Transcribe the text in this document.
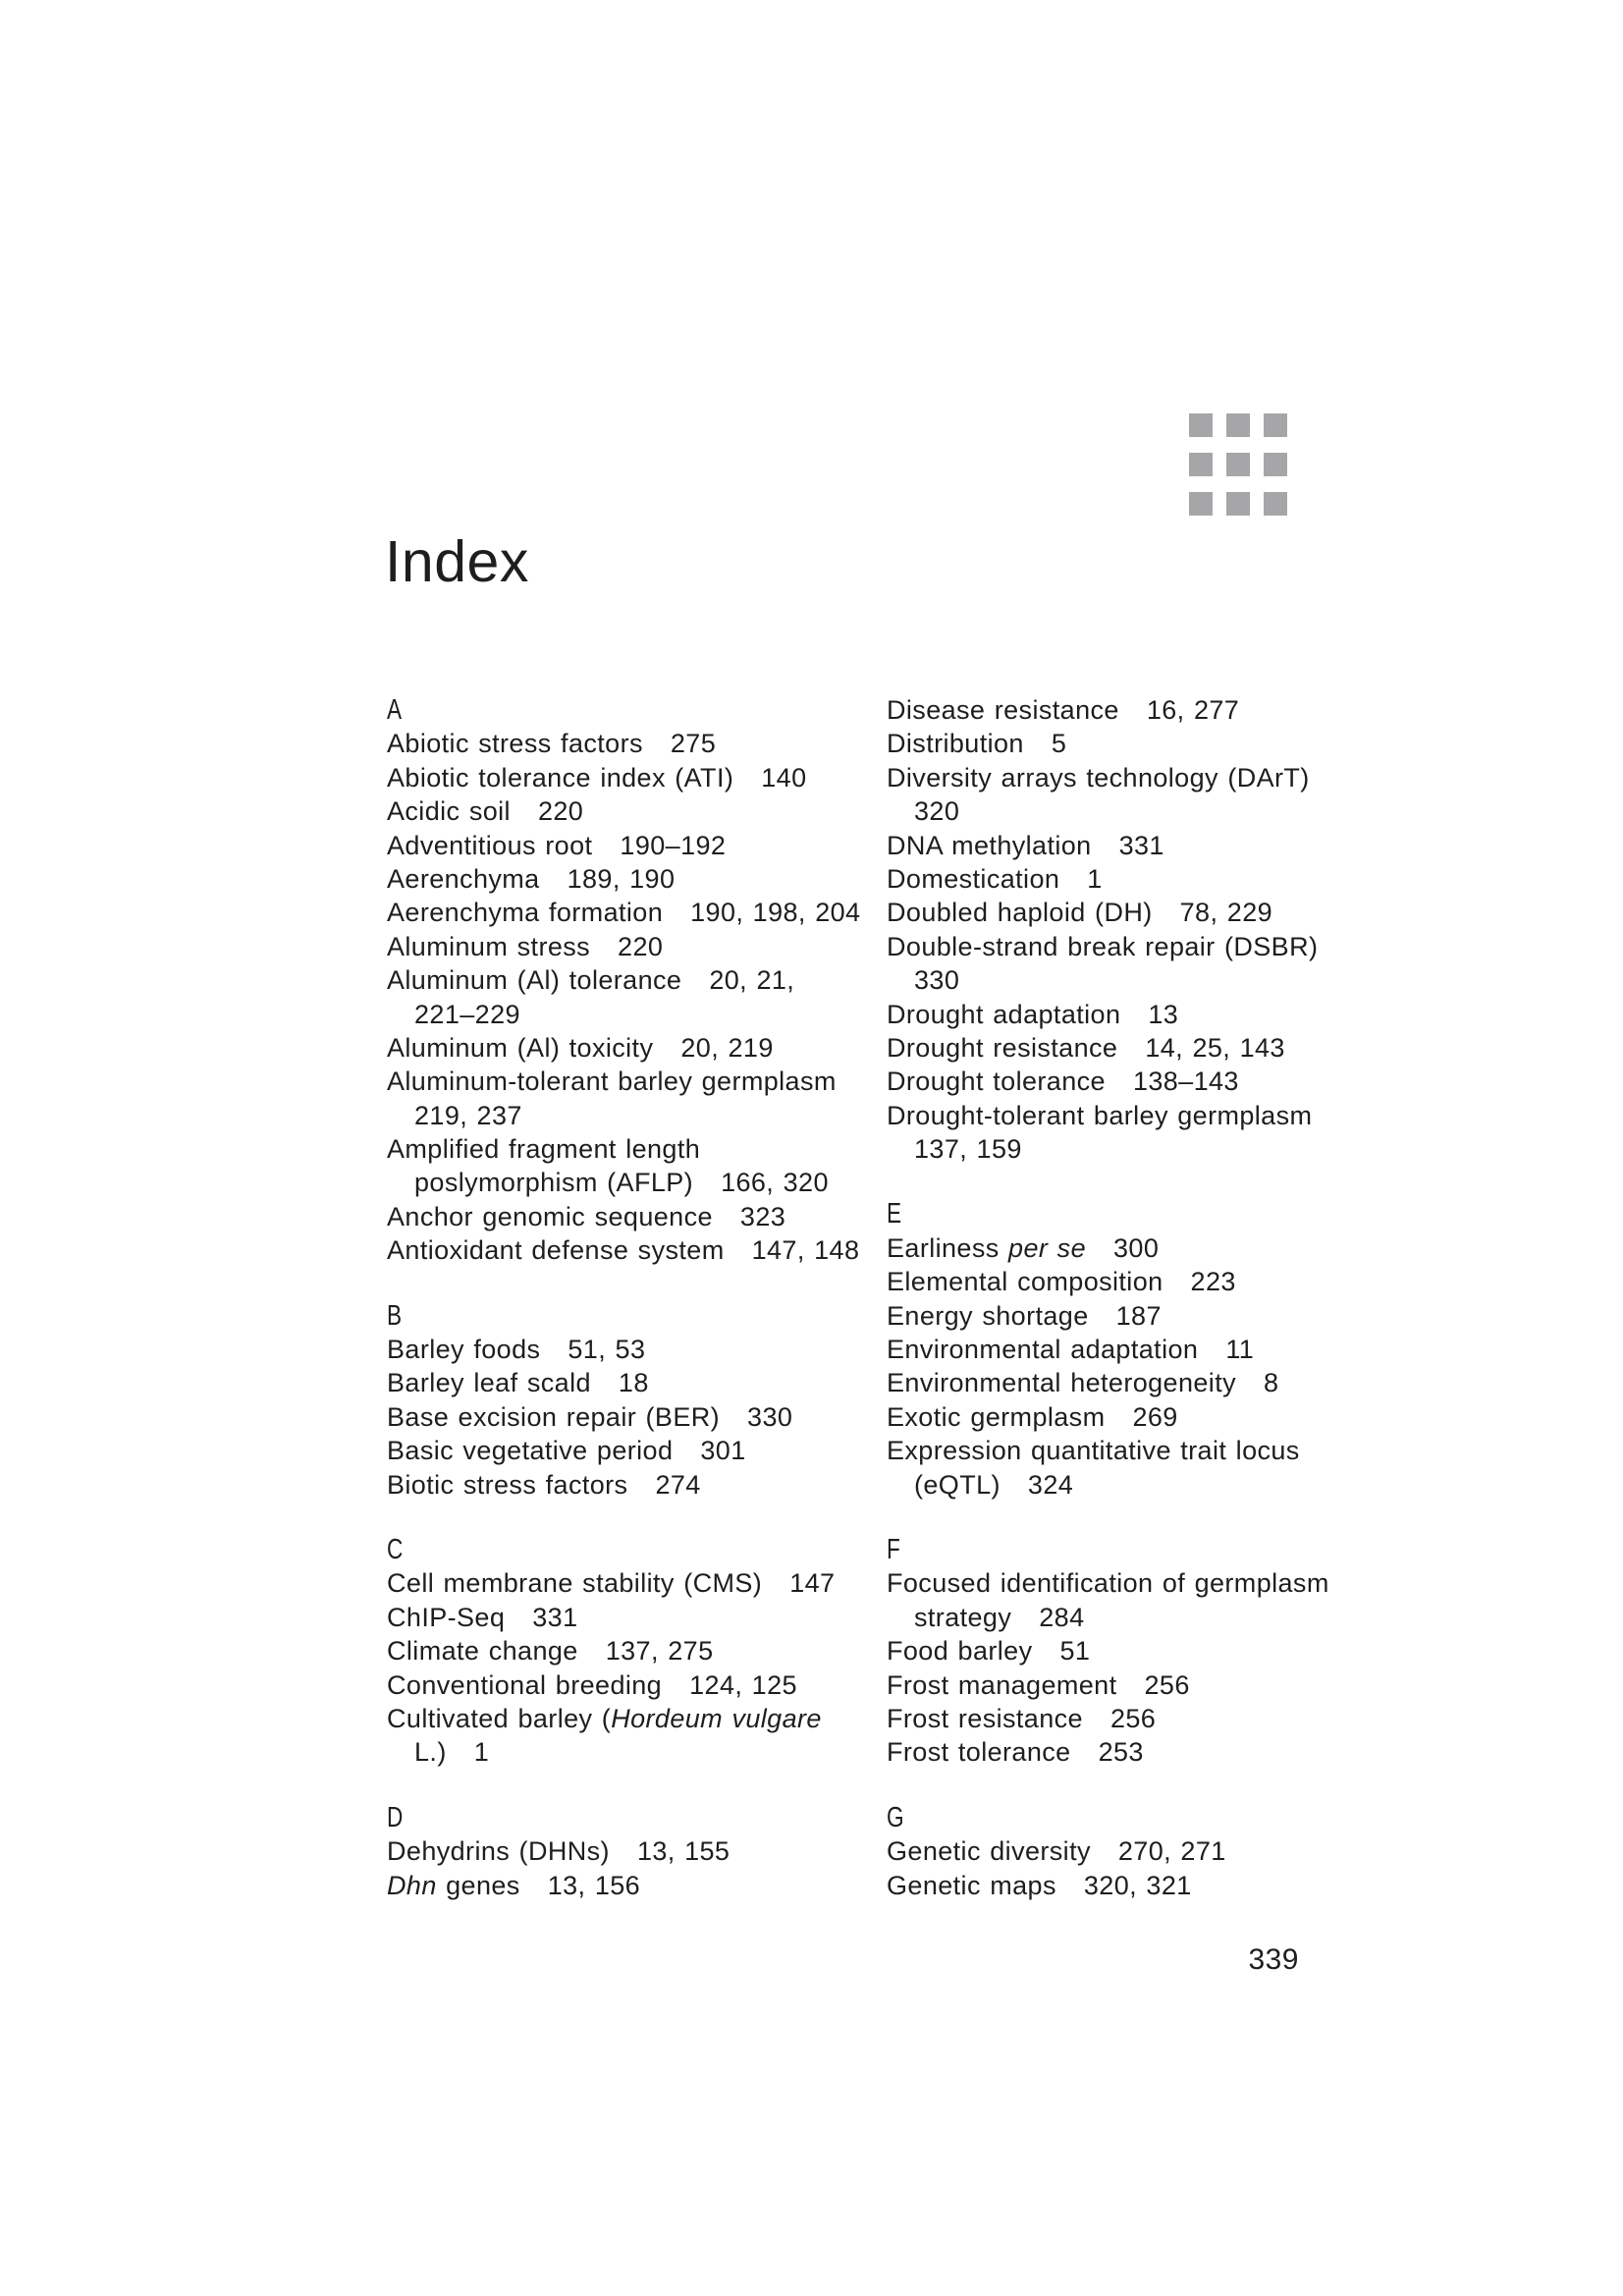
Index
A
Abiotic stress factors 275
Abiotic tolerance index (ATI) 140
Acidic soil 220
Adventitious root 190–192
Aerenchyma 189, 190
Aerenchyma formation 190, 198, 204
Aluminum stress 220
Aluminum (Al) tolerance 20, 21,
221–229
Aluminum (Al) toxicity 20, 219
Aluminum-tolerant barley germplasm
219, 237
Amplified fragment length
poslymorphism (AFLP) 166, 320
Anchor genomic sequence 323
Antioxidant defense system 147, 148
B
Barley foods 51, 53
Barley leaf scald 18
Base excision repair (BER) 330
Basic vegetative period 301
Biotic stress factors 274
C
Cell membrane stability (CMS) 147
ChIP-Seq 331
Climate change 137, 275
Conventional breeding 124, 125
Cultivated barley (Hordeum vulgare
L.) 1
D
Dehydrins (DHNs) 13, 155
Dhn genes 13, 156
Disease resistance 16, 277
Distribution 5
Diversity arrays technology (DArT)
320
DNA methylation 331
Domestication 1
Doubled haploid (DH) 78, 229
Double-strand break repair (DSBR)
330
Drought adaptation 13
Drought resistance 14, 25, 143
Drought tolerance 138–143
Drought-tolerant barley germplasm
137, 159
E
Earliness per se 300
Elemental composition 223
Energy shortage 187
Environmental adaptation 11
Environmental heterogeneity 8
Exotic germplasm 269
Expression quantitative trait locus
(eQTL) 324
F
Focused identification of germplasm
strategy 284
Food barley 51
Frost management 256
Frost resistance 256
Frost tolerance 253
G
Genetic diversity 270, 271
Genetic maps 320, 321
339
